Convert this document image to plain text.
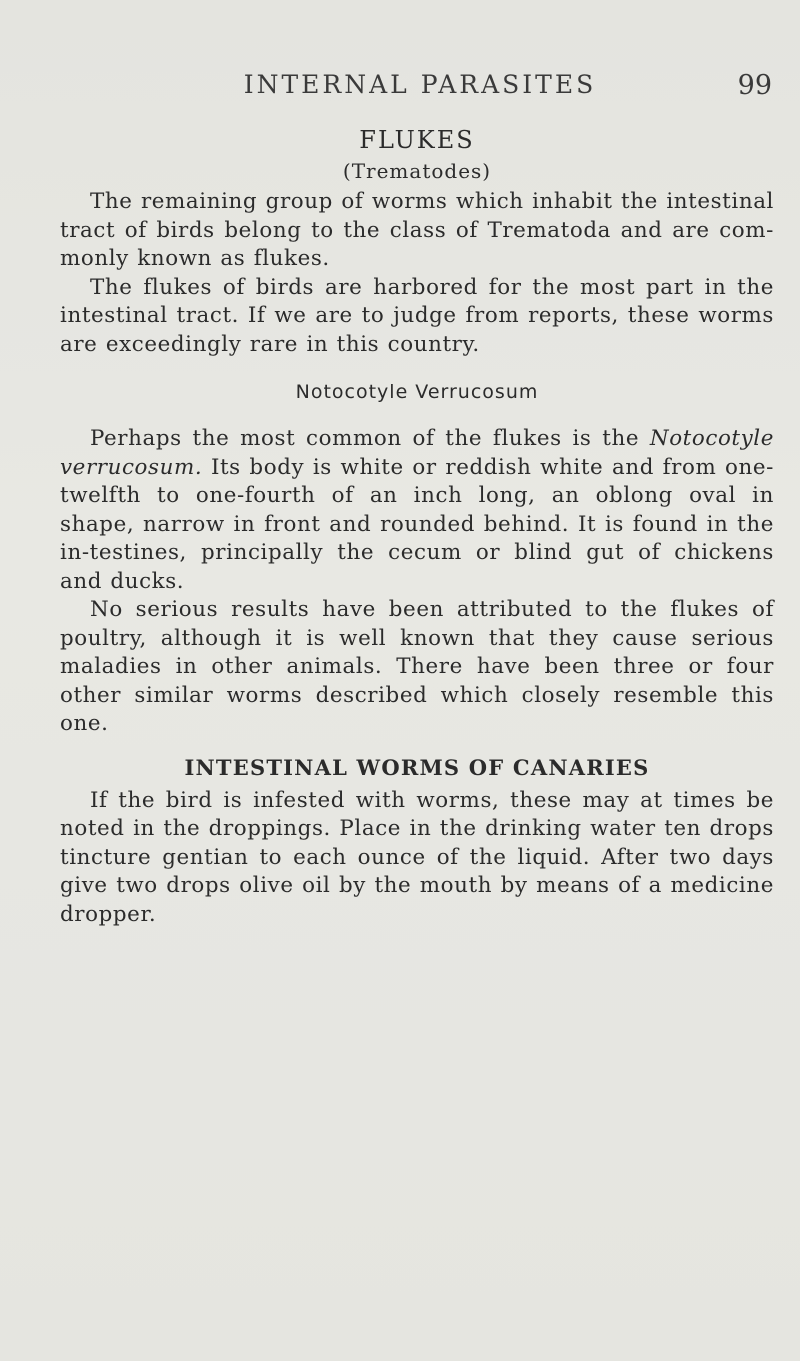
INTERNAL PARASITES	99
FLUKES
(Trematodes)

The remaining group of worms which inhabit the intestinal tract of birds belong to the class of Trematoda and are com-monly known as flukes.

The flukes of birds are harbored for the most part in the intestinal tract. If we are to judge from reports, these worms are exceedingly rare in this country.

Notocotyle Verrucosum

Perhaps the most common of the flukes is the Notocotyle verrucosum. Its body is white or reddish white and from one-twelfth to one-fourth of an inch long, an oblong oval in shape, narrow in front and rounded behind. It is found in the in-testines, principally the cecum or blind gut of chickens and ducks.

No serious results have been attributed to the flukes of poultry, although it is well known that they cause serious maladies in other animals. There have been three or four other similar worms described which closely resemble this one.

INTESTINAL WORMS OF CANARIES

If the bird is infested with worms, these may at times be noted in the droppings. Place in the drinking water ten drops tincture gentian to each ounce of the liquid. After two days give two drops olive oil by the mouth by means of a medicine dropper.
